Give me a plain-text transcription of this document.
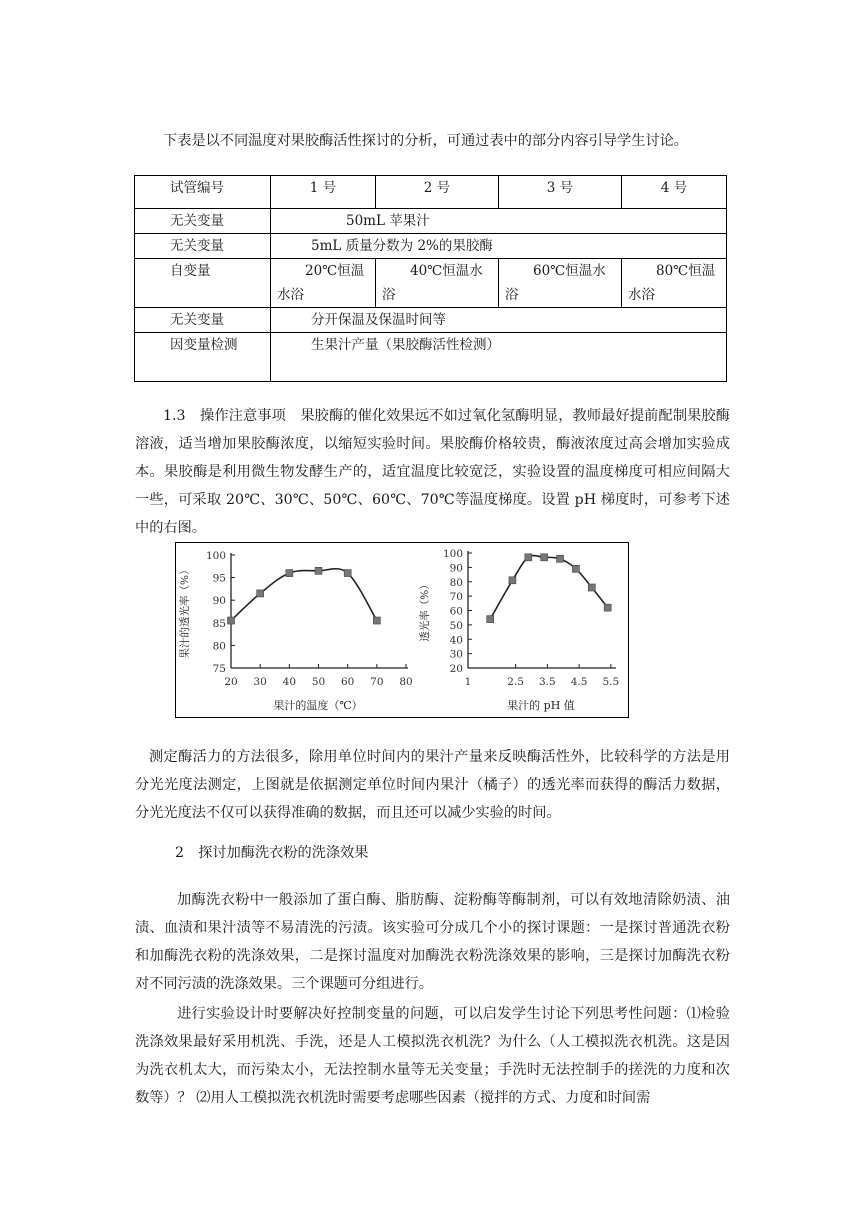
下表是以不同温度对果胶酶活性探讨的分析，可通过表中的部分内容引导学生讨论。
试管编号	1 号	2 号	3 号	4 号
无关变量	50mL 苹果汁			
无关变量	5mL 质量分数为 2%的果胶酶			
自变量	20℃恒温水浴	40℃恒温水浴	60℃恒温水浴	80℃恒温水浴
无关变量	分开保温及保温时间等			
因变量检测	生果汁产量（果胶酶活性检测）			

1.3　操作注意事项　果胶酶的催化效果远不如过氧化氢酶明显，教师最好提前配制果胶酶溶液，适当增加果胶酶浓度，以缩短实验时间。果胶酶价格较贵，酶液浓度过高会增加实验成本。果胶酶是利用微生物发酵生产的，适宜温度比较宽泛，实验设置的温度梯度可相应间隔大一些，可采取 20℃、30℃、50℃、60℃、70℃等温度梯度。设置 pH 梯度时，可参考下述中的右图。

75
80
85
90
95
100
20 30 40 50 60 70 80
果汁的温度（℃）
果汁的透光率（%）
20
30
40
50
60
70
80
90
100
1	2.5 3.5 4.5 5.5
果汁的 pH 值
透光率（%）

测定酶活力的方法很多，除用单位时间内的果汁产量来反映酶活性外，比较科学的方法是用分光光度法测定，上图就是依据测定单位时间内果汁（橘子）的透光率而获得的酶活力数据，分光光度法不仅可以获得准确的数据，而且还可以减少实验的时间。

2　探讨加酶洗衣粉的洗涤效果

加酶洗衣粉中一般添加了蛋白酶、脂肪酶、淀粉酶等酶制剂，可以有效地清除奶渍、油渍、血渍和果汁渍等不易清洗的污渍。该实验可分成几个小的探讨课题：一是探讨普通洗衣粉和加酶洗衣粉的洗涤效果，二是探讨温度对加酶洗衣粉洗涤效果的影响，三是探讨加酶洗衣粉对不同污渍的洗涤效果。三个课题可分组进行。

进行实验设计时要解决好控制变量的问题，可以启发学生讨论下列思考性问题：⑴检验洗涤效果最好采用机洗、手洗，还是人工模拟洗衣机洗？为什么（人工模拟洗衣机洗。这是因为洗衣机太大，而污染太小，无法控制水量等无关变量；手洗时无法控制手的搓洗的力度和次数等）？ ⑵用人工模拟洗衣机洗时需要考虑哪些因素（搅拌的方式、力度和时间需
